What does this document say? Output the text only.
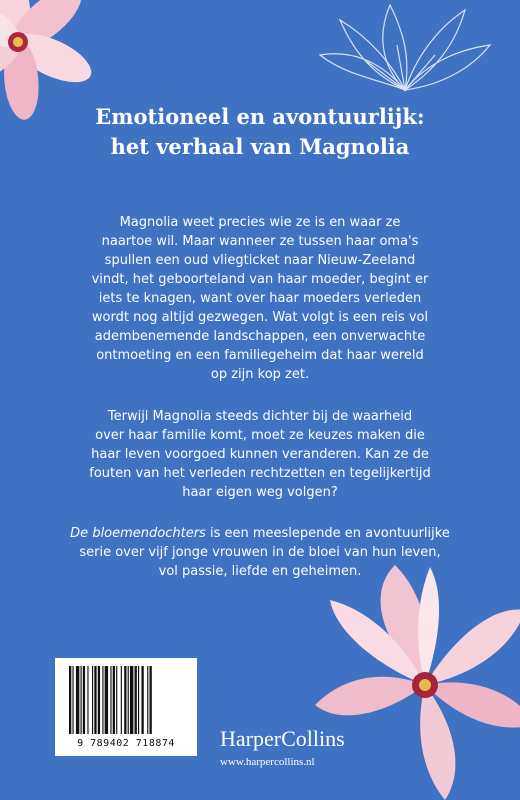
Emotioneel en avontuurlijk:
het verhaal van Magnolia
Magnolia weet precies wie ze is en waar ze
naartoe wil. Maar wanneer ze tussen haar oma's
spullen een oud vliegticket naar Nieuw-Zeeland
vindt, het geboorteland van haar moeder, begint er
iets te knagen, want over haar moeders verleden
wordt nog altijd gezwegen. Wat volgt is een reis vol
adembenemende landschappen, een onverwachte
ontmoeting en een familiegeheim dat haar wereld
op zijn kop zet.
Terwijl Magnolia steeds dichter bij de waarheid
over haar familie komt, moet ze keuzes maken die
haar leven voorgoed kunnen veranderen. Kan ze de
fouten van het verleden rechtzetten en tegelijkertijd
haar eigen weg volgen?
De bloemendochters is een meeslepende en avontuurlijke
serie over vijf jonge vrouwen in de bloei van hun leven,
vol passie, liefde en geheimen.
9 789402 718874	HarperCollins
www.harpercollins.nl
